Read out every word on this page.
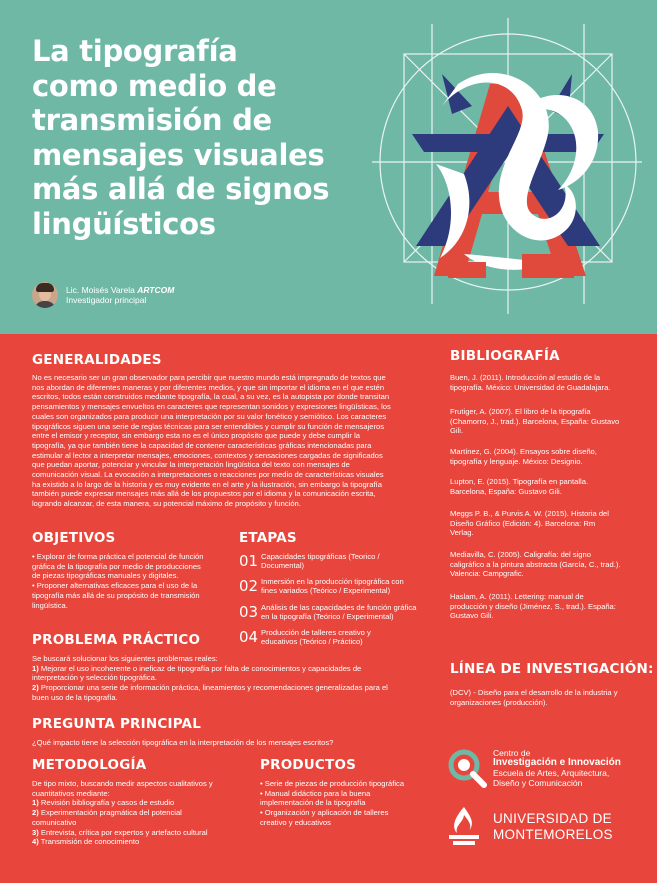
La tipografía
como medio de
transmisión de
mensajes visuales
más allá de signos
lingüísticos
Lic. Moisés Varela ARTCOM
Investigador principal
GENERALIDADES
No es necesario ser un gran observador para percibir que nuestro mundo está impregnado de textos que
nos abordan de diferentes maneras y por diferentes medios, y que sin importar el idioma en el que estén
escritos, todos están construidos mediante tipografía, la cual, a su vez, es la autopista por donde transitan
pensamientos y mensajes envueltos en caracteres que representan sonidos y expresiones lingüísticas, los
cuales son organizados para producir una interpretación por su valor fonético y semiótico. Los caracteres
tipográficos siguen una serie de reglas técnicas para ser entendibles y cumplir su función de mensajeros
entre el emisor y receptor, sin embargo esta no es el único propósito que puede y debe cumplir la
tipografía, ya que también tiene la capacidad de contener características gráficas intencionadas para
estimular al lector a interpretar mensajes, emociones, contextos y sensaciones cargadas de significados
que puedan aportar, potenciar y vincular la interpretación lingüística del texto con mensajes de
comunicación visual. La evocación a interpretaciones o reacciones por medio de características visuales
ha existido a lo largo de la historia y es muy evidente en el arte y la ilustración, sin embargo la tipografía
también puede expresar mensajes más allá de los propuestos por el idioma y la comunicación escrita,
logrando alcanzar, de esta manera, su potencial máximo de propósito y función.
OBJETIVOS
• Explorar de forma práctica el potencial de función
gráfica de la tipografía por medio de producciones
de piezas tipográficas manuales y digitales.
• Proponer alternativas eficaces para el uso de la
tipografía más allá de su propósito de transmisión
lingüística.
ETAPAS
01 Capacidades tipográficas (Teorico /
Documental)
02 Inmersión en la producción tipográfica con
fines variados (Teórico / Experimental)
03 Análisis de las capacidades de función gráfica
en la tipografía (Teórico / Experimental)
04 Producción de talleres creativo y
educativos (Teórico / Práctico)
PROBLEMA PRÁCTICO
Se buscará solucionar los siguientes problemas reales:
1) Mejorar el uso incoherente o ineficaz de tipografía por falta de conocimientos y capacidades de
interpretación y selección tipográfica.
2) Proporcionar una serie de información práctica, lineamientos y recomendaciones generalizadas para el
buen uso de la tipografía.
PREGUNTA PRINCIPAL
¿Qué impacto tiene la selección tipográfica en la interpretación de los mensajes escritos?
METODOLOGÍA
De tipo mixto, buscando medir aspectos cualitativos y
cuantitativos mediante:
1) Revisión bibliografía y casos de estudio
2) Experimentación pragmática del potencial
comunicativo
3) Entrevista, crítica por expertos y artefacto cultural
4) Transmisión de conocimiento
PRODUCTOS
• Serie de piezas de producción tipográfica
• Manual didáctico para la buena
implementación de la tipografía
• Organización y aplicación de talleres
creativo y educativos
BIBLIOGRAFÍA
Buen, J. (2011). Introducción al estudio de la
tipografía. México: Universidad de Guadalajara.
Frutiger, A. (2007). El libro de la tipografía
(Chamorro, J., trad.). Barcelona, España: Gustavo
Gili.
Martínez, G. (2004). Ensayos sobre diseño,
tipografía y lenguaje. México: Designio.
Lupton, E. (2015). Tipografía en pantalla.
Barcelona, España: Gustavo Gili.
Meggs P. B., & Purvis A. W. (2015). Historia del
Diseño Gráfico (Edición: 4). Barcelona: Rm
Verlag.
Mediavilla, C. (2005). Caligrafía: del signo
caligráfico a la pintura abstracta (García, C., trad.).
Valencia: Campgrafic.
Haslam, A. (2011). Lettering: manual de
producción y diseño (Jiménez, S., trad.). España:
Gustavo Gili.
LÍNEA DE INVESTIGACIÓN:
(DCV) - Diseño para el desarrollo de la industria y
organizaciones (producción).
Centro de
Investigación e Innovación
Escuela de Artes, Arquitectura,
Diseño y Comunicación
UNIVERSIDAD DE
MONTEMORELOS
